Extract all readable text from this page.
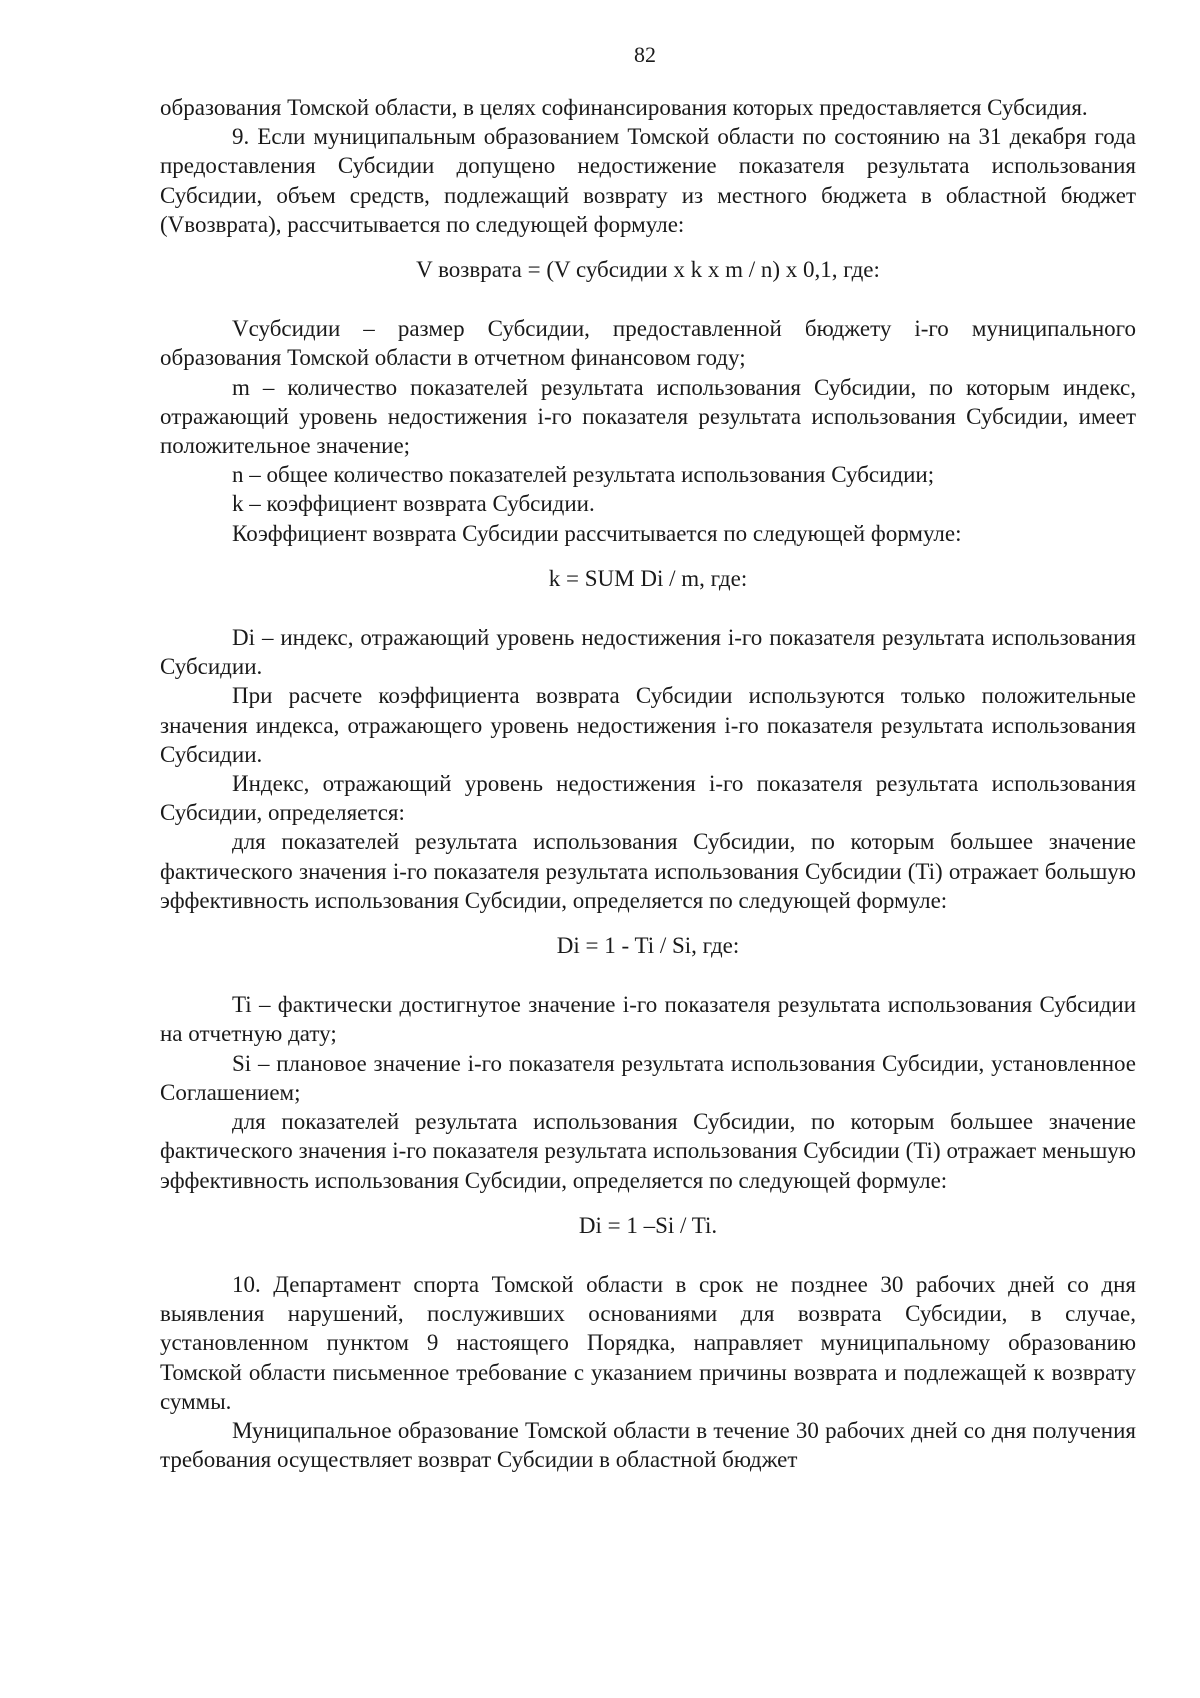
82

образования Томской области, в целях софинансирования которых предоставляется Субсидия.

9. Если муниципальным образованием Томской области по состоянию на 31 декабря года предоставления Субсидии допущено недостижение показателя результата использования Субсидии, объем средств, подлежащий возврату из местного бюджета в областной бюджет (Vвозврата), рассчитывается по следующей формуле:

V возврата = (V субсидии x k x m / n) x 0,1, где:

Vсубсидии – размер Субсидии, предоставленной бюджету i-го муниципального образования Томской области в отчетном финансовом году;

m – количество показателей результата использования Субсидии, по которым индекс, отражающий уровень недостижения i-го показателя результата использования Субсидии, имеет положительное значение;

n – общее количество показателей результата использования Субсидии;

k – коэффициент возврата Субсидии.

Коэффициент возврата Субсидии рассчитывается по следующей формуле:

k = SUM Di / m, где:

Di – индекс, отражающий уровень недостижения i-го показателя результата использования Субсидии.

При расчете коэффициента возврата Субсидии используются только положительные значения индекса, отражающего уровень недостижения i-го показателя результата использования Субсидии.

Индекс, отражающий уровень недостижения i-го показателя результата использования Субсидии, определяется:

для показателей результата использования Субсидии, по которым большее значение фактического значения i-го показателя результата использования Субсидии (Ti) отражает большую эффективность использования Субсидии, определяется по следующей формуле:

Di = 1 - Ti / Si, где:

Ti – фактически достигнутое значение i-го показателя результата использования Субсидии на отчетную дату;

Si – плановое значение i-го показателя результата использования Субсидии, установленное Соглашением;

для показателей результата использования Субсидии, по которым большее значение фактического значения i-го показателя результата использования Субсидии (Ti) отражает меньшую эффективность использования Субсидии, определяется по следующей формуле:

Di = 1 –Si / Ti.

10. Департамент спорта Томской области в срок не позднее 30 рабочих дней со дня выявления нарушений, послуживших основаниями для возврата Субсидии, в случае, установленном пунктом 9 настоящего Порядка, направляет муниципальному образованию Томской области письменное требование с указанием причины возврата и подлежащей к возврату суммы.

Муниципальное образование Томской области в течение 30 рабочих дней со дня получения требования осуществляет возврат Субсидии в областной бюджет
